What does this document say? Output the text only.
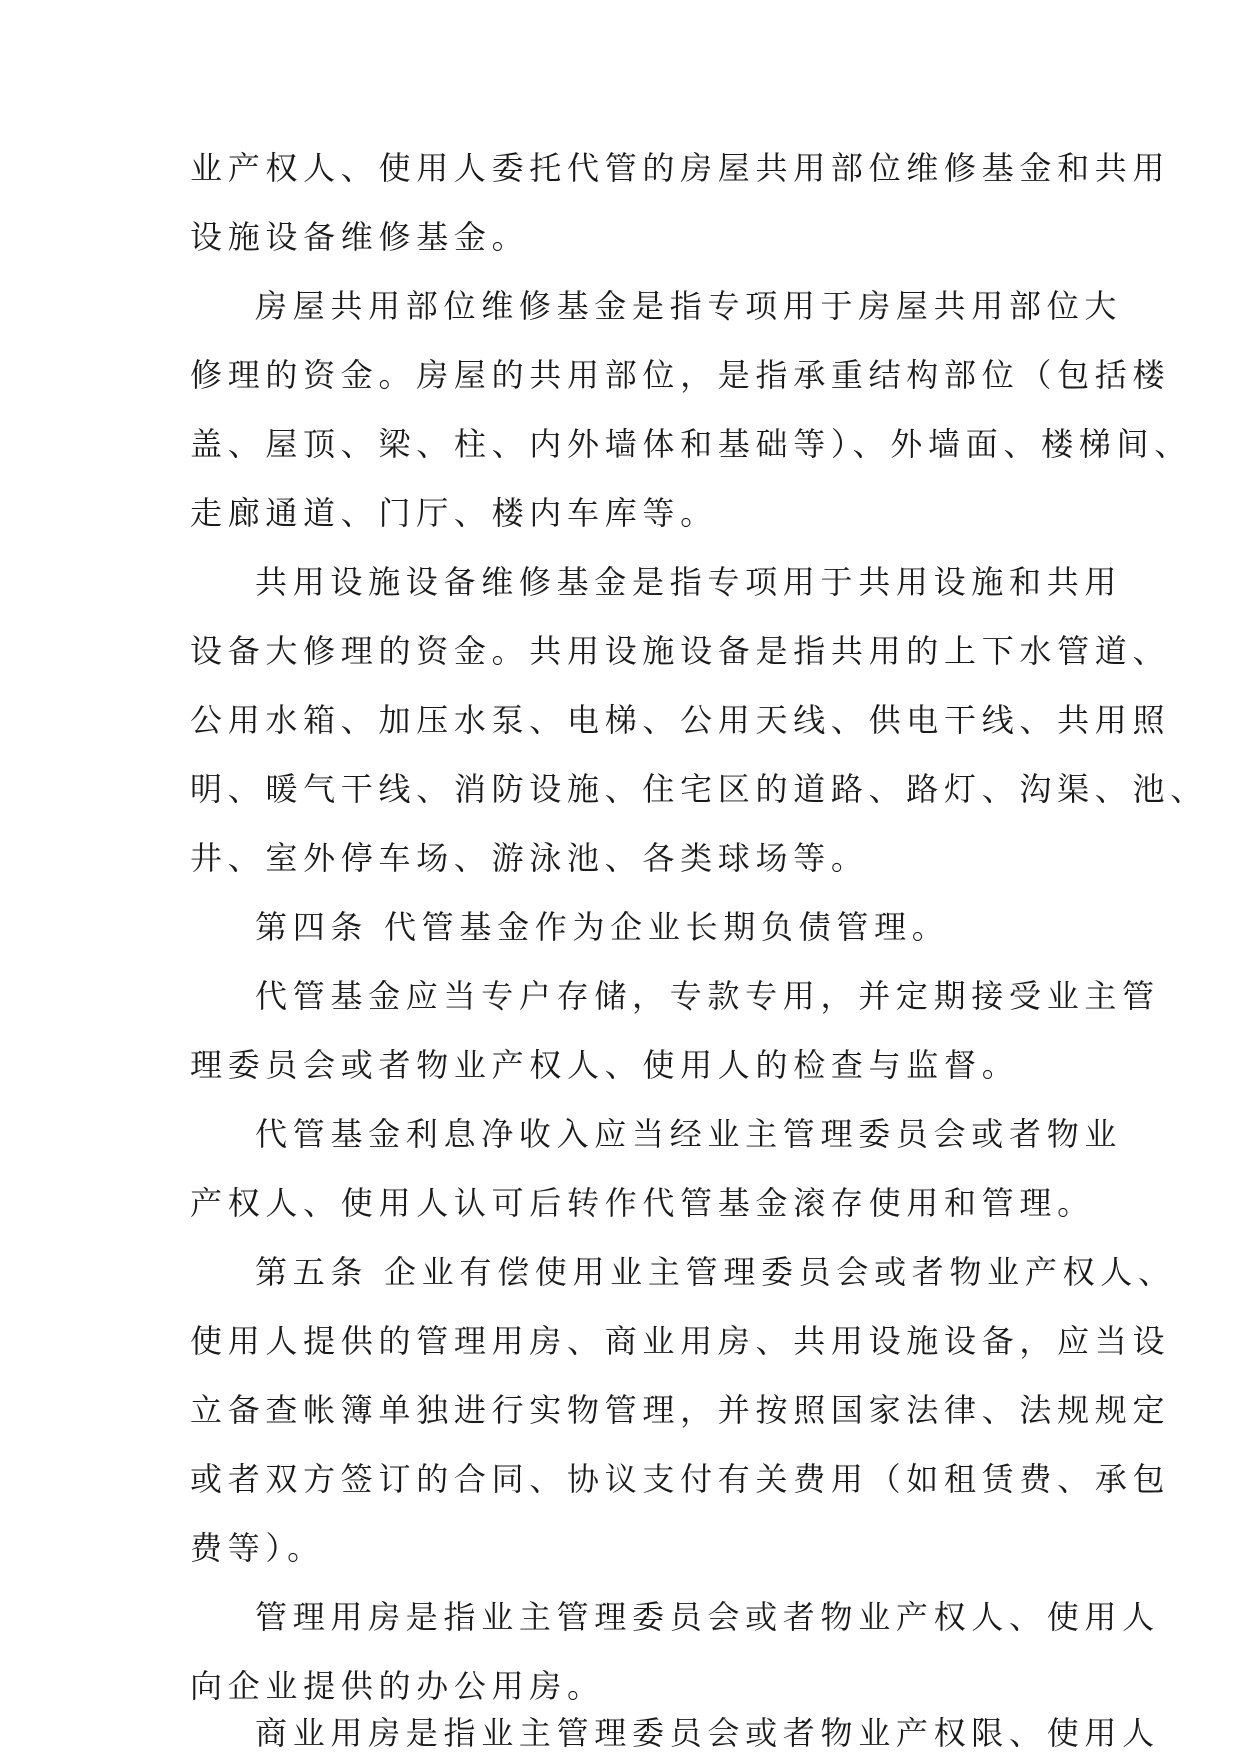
业产权人、使用人委托代管的房屋共用部位维修基金和共用
设施设备维修基金。
房屋共用部位维修基金是指专项用于房屋共用部位大
修理的资金。房屋的共用部位，是指承重结构部位（包括楼
盖、屋顶、梁、柱、内外墙体和基础等）、外墙面、楼梯间、
走廊通道、门厅、楼内车库等。
共用设施设备维修基金是指专项用于共用设施和共用
设备大修理的资金。共用设施设备是指共用的上下水管道、
公用水箱、加压水泵、电梯、公用天线、供电干线、共用照
明、暖气干线、消防设施、住宅区的道路、路灯、沟渠、池、
井、室外停车场、游泳池、各类球场等。
第四条 代管基金作为企业长期负债管理。
代管基金应当专户存储，专款专用，并定期接受业主管
理委员会或者物业产权人、使用人的检查与监督。
代管基金利息净收入应当经业主管理委员会或者物业
产权人、使用人认可后转作代管基金滚存使用和管理。
第五条 企业有偿使用业主管理委员会或者物业产权人、
使用人提供的管理用房、商业用房、共用设施设备，应当设
立备查帐簿单独进行实物管理，并按照国家法律、法规规定
或者双方签订的合同、协议支付有关费用（如租赁费、承包
费等）。
管理用房是指业主管理委员会或者物业产权人、使用人
向企业提供的办公用房。
商业用房是指业主管理委员会或者物业产权限、使用人
